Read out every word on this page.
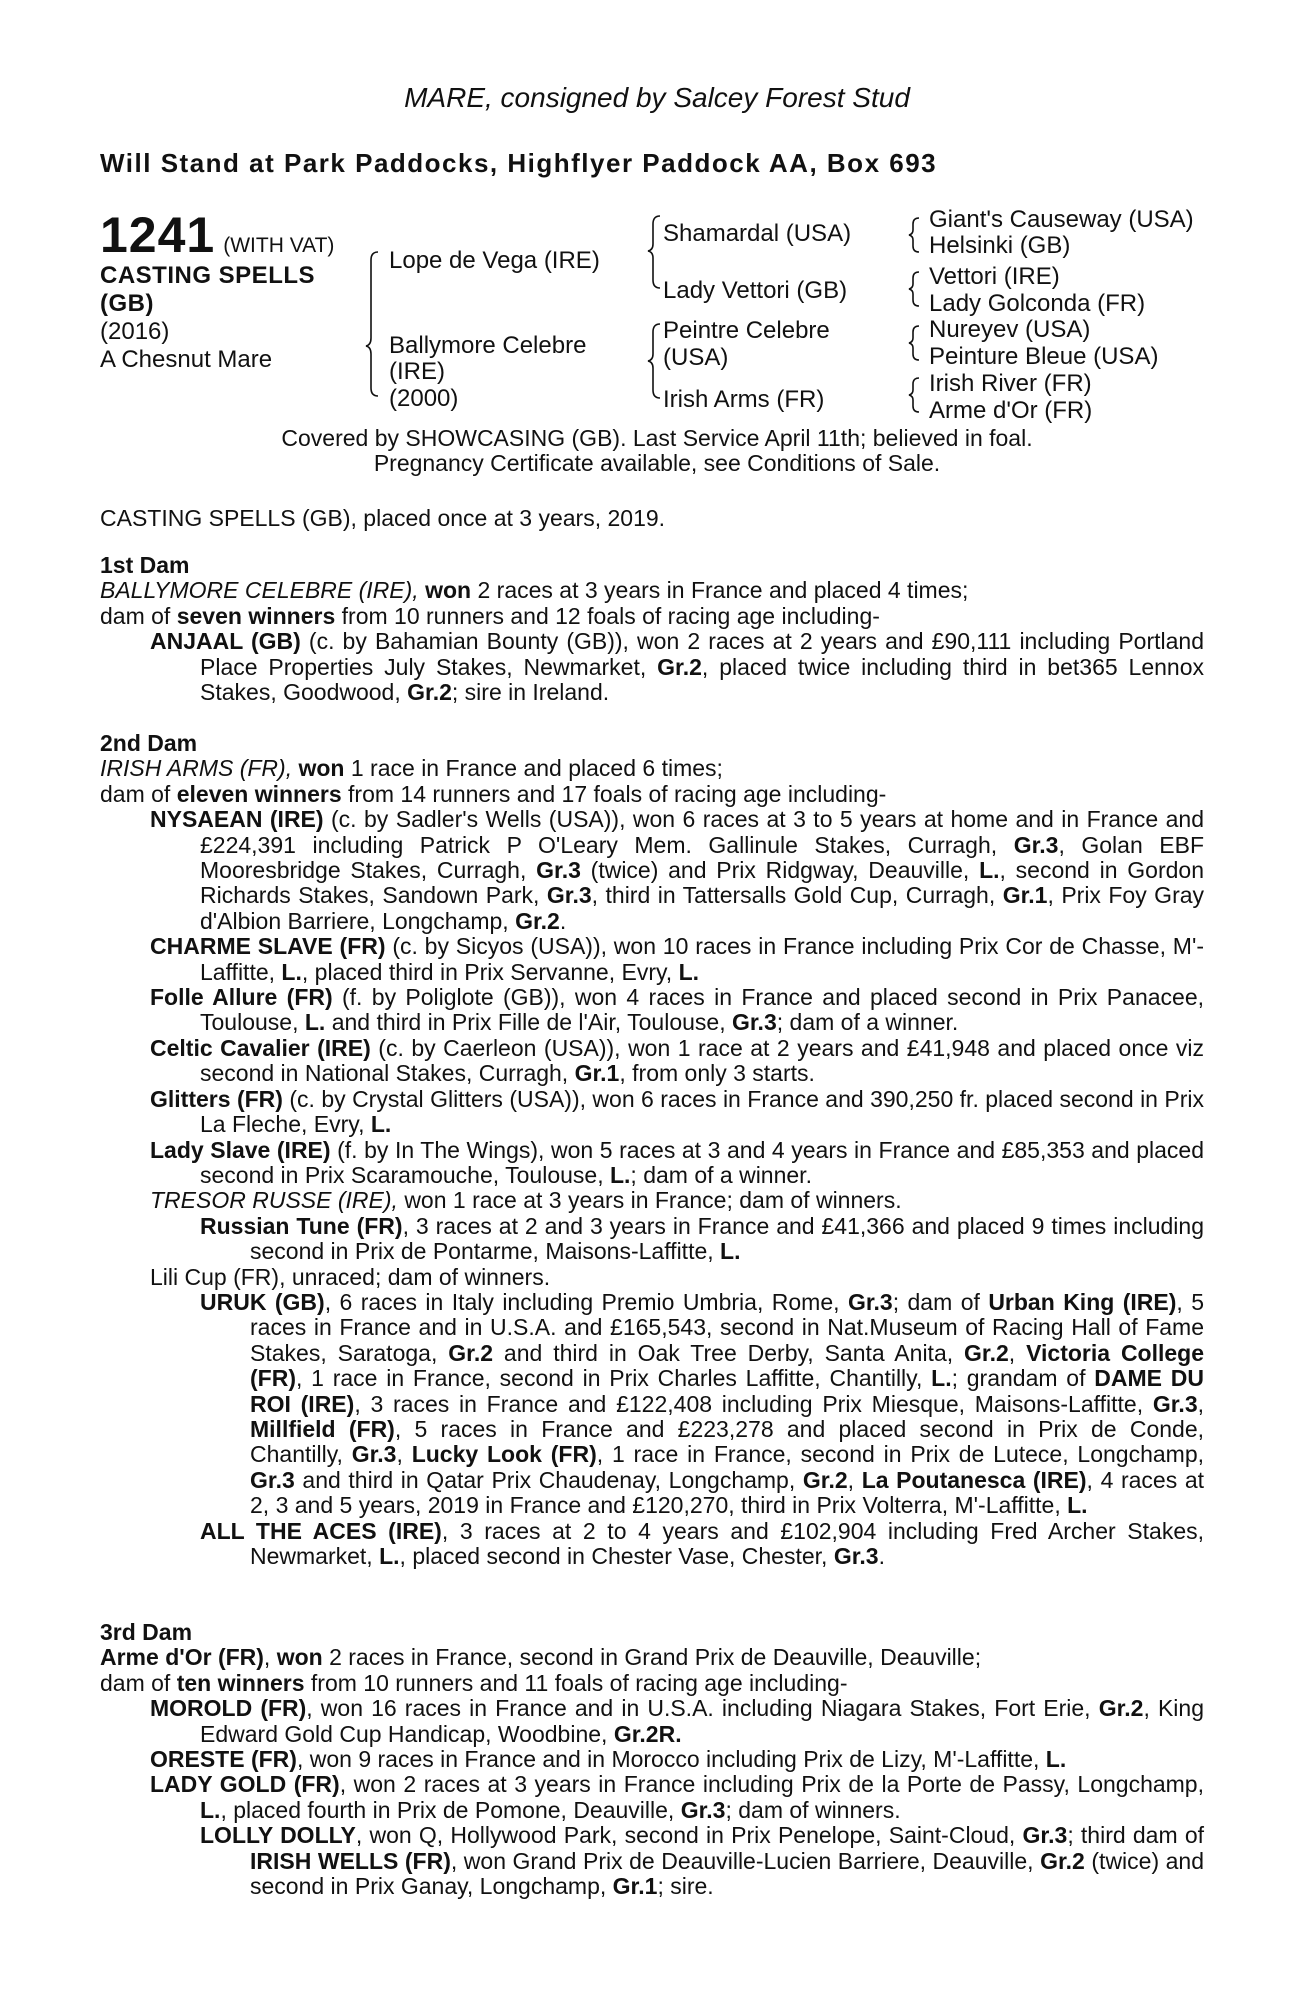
MARE, consigned by Salcey Forest Stud
Will Stand at Park Paddocks, Highflyer Paddock AA, Box 693
1241 (WITH VAT)
CASTING SPELLS
(GB)
(2016)
A Chesnut Mare
Lope de Vega (IRE)
Ballymore Celebre
(IRE)
(2000)
Shamardal (USA)
Lady Vettori (GB)
Peintre Celebre
(USA)
Irish Arms (FR)
Giant's Causeway (USA)
Helsinki (GB)
Vettori (IRE)
Lady Golconda (FR)
Nureyev (USA)
Peinture Bleue (USA)
Irish River (FR)
Arme d'Or (FR)
Covered by SHOWCASING (GB). Last Service April 11th; believed in foal.
Pregnancy Certificate available, see Conditions of Sale.
CASTING SPELLS (GB), placed once at 3 years, 2019.
1st Dam
BALLYMORE CELEBRE (IRE), won 2 races at 3 years in France and placed 4 times;
dam of seven winners from 10 runners and 12 foals of racing age including-
ANJAAL (GB) (c. by Bahamian Bounty (GB)), won 2 races at 2 years and £90,111 including Portland Place Properties July Stakes, Newmarket, Gr.2, placed twice including third in bet365 Lennox Stakes, Goodwood, Gr.2; sire in Ireland.
2nd Dam
IRISH ARMS (FR), won 1 race in France and placed 6 times;
dam of eleven winners from 14 runners and 17 foals of racing age including-
NYSAEAN (IRE) (c. by Sadler's Wells (USA)), won 6 races at 3 to 5 years at home and in France and £224,391 including Patrick P O'Leary Mem. Gallinule Stakes, Curragh, Gr.3, Golan EBF Mooresbridge Stakes, Curragh, Gr.3 (twice) and Prix Ridgway, Deauville, L., second in Gordon Richards Stakes, Sandown Park, Gr.3, third in Tattersalls Gold Cup, Curragh, Gr.1, Prix Foy Gray d'Albion Barriere, Longchamp, Gr.2.
CHARME SLAVE (FR) (c. by Sicyos (USA)), won 10 races in France including Prix Cor de Chasse, M'-Laffitte, L., placed third in Prix Servanne, Evry, L.
Folle Allure (FR) (f. by Poliglote (GB)), won 4 races in France and placed second in Prix Panacee, Toulouse, L. and third in Prix Fille de l'Air, Toulouse, Gr.3; dam of a winner.
Celtic Cavalier (IRE) (c. by Caerleon (USA)), won 1 race at 2 years and £41,948 and placed once viz second in National Stakes, Curragh, Gr.1, from only 3 starts.
Glitters (FR) (c. by Crystal Glitters (USA)), won 6 races in France and 390,250 fr. placed second in Prix La Fleche, Evry, L.
Lady Slave (IRE) (f. by In The Wings), won 5 races at 3 and 4 years in France and £85,353 and placed second in Prix Scaramouche, Toulouse, L.; dam of a winner.
TRESOR RUSSE (IRE), won 1 race at 3 years in France; dam of winners.
Russian Tune (FR), 3 races at 2 and 3 years in France and £41,366 and placed 9 times including second in Prix de Pontarme, Maisons-Laffitte, L.
Lili Cup (FR), unraced; dam of winners.
URUK (GB), 6 races in Italy including Premio Umbria, Rome, Gr.3; dam of Urban King (IRE), 5 races in France and in U.S.A. and £165,543, second in Nat.Museum of Racing Hall of Fame Stakes, Saratoga, Gr.2 and third in Oak Tree Derby, Santa Anita, Gr.2, Victoria College (FR), 1 race in France, second in Prix Charles Laffitte, Chantilly, L.; grandam of DAME DU ROI (IRE), 3 races in France and £122,408 including Prix Miesque, Maisons-Laffitte, Gr.3, Millfield (FR), 5 races in France and £223,278 and placed second in Prix de Conde, Chantilly, Gr.3, Lucky Look (FR), 1 race in France, second in Prix de Lutece, Longchamp, Gr.3 and third in Qatar Prix Chaudenay, Longchamp, Gr.2, La Poutanesca (IRE), 4 races at 2, 3 and 5 years, 2019 in France and £120,270, third in Prix Volterra, M'-Laffitte, L.
ALL THE ACES (IRE), 3 races at 2 to 4 years and £102,904 including Fred Archer Stakes, Newmarket, L., placed second in Chester Vase, Chester, Gr.3.
3rd Dam
Arme d'Or (FR), won 2 races in France, second in Grand Prix de Deauville, Deauville;
dam of ten winners from 10 runners and 11 foals of racing age including-
MOROLD (FR), won 16 races in France and in U.S.A. including Niagara Stakes, Fort Erie, Gr.2, King Edward Gold Cup Handicap, Woodbine, Gr.2R.
ORESTE (FR), won 9 races in France and in Morocco including Prix de Lizy, M'-Laffitte, L.
LADY GOLD (FR), won 2 races at 3 years in France including Prix de la Porte de Passy, Longchamp, L., placed fourth in Prix de Pomone, Deauville, Gr.3; dam of winners.
LOLLY DOLLY, won Q, Hollywood Park, second in Prix Penelope, Saint-Cloud, Gr.3; third dam of IRISH WELLS (FR), won Grand Prix de Deauville-Lucien Barriere, Deauville, Gr.2 (twice) and second in Prix Ganay, Longchamp, Gr.1; sire.
